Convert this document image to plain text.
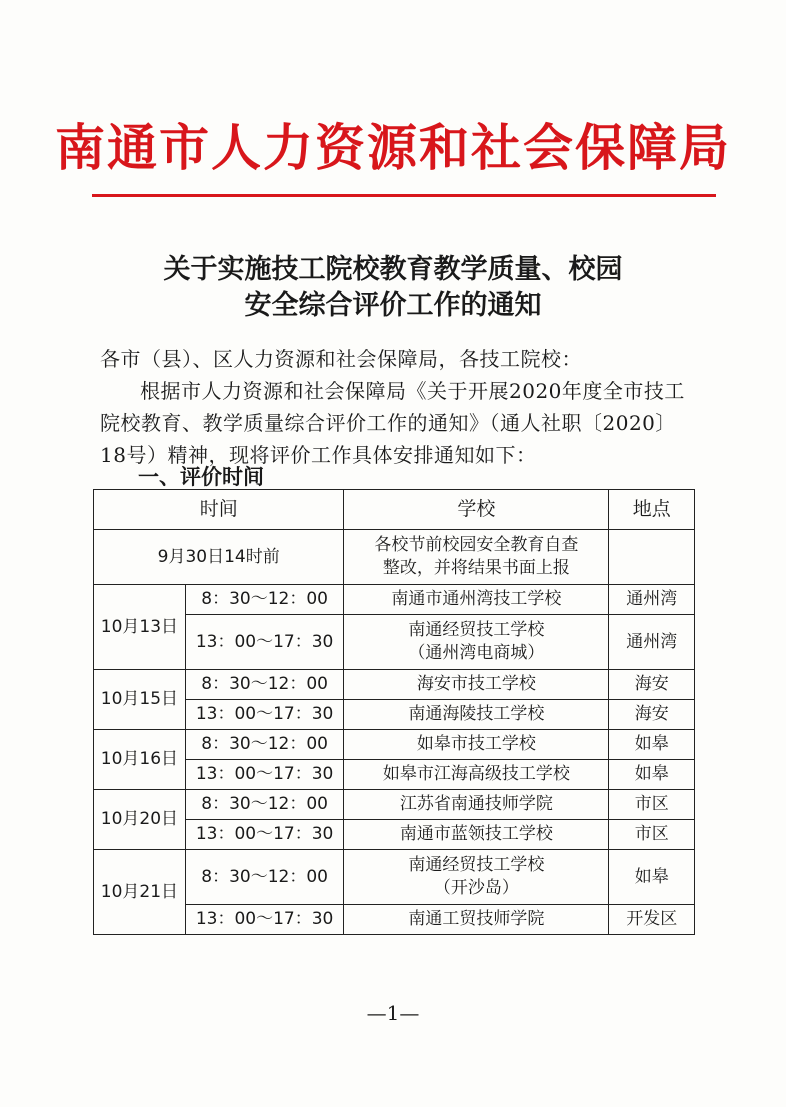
南通市人力资源和社会保障局
关于实施技工院校教育教学质量、校园
安全综合评价工作的通知
各市（县）、区人力资源和社会保障局，各技工院校：
根据市人力资源和社会保障局《关于开展2020年度全市技工院校教育、教学质量综合评价工作的通知》（通人社职〔2020〕18号）精神，现将评价工作具体安排通知如下：
一、评价时间
时间		学校	地点
9月30日14时前		各校节前校园安全教育自查
整改，并将结果书面上报	

10月13日	8：30～12：00	南通市通州湾技工学校	通州湾
	13：00～17：30	南通经贸技工学校
（通州湾电商城）	通州湾
10月15日	8：30～12：00	海安市技工学校	海安
	13：00～17：30	南通海陵技工学校	海安
10月16日	8：30～12：00	如皋市技工学校	如皋
	13：00～17：30	如皋市江海高级技工学校	如皋
10月20日	8：30～12：00	江苏省南通技师学院	市区
	13：00～17：30	南通市蓝领技工学校	市区
10月21日	8：30～12：00	南通经贸技工学校
（开沙岛）	如皋
	13：00～17：30	南通工贸技师学院	开发区
—1—
